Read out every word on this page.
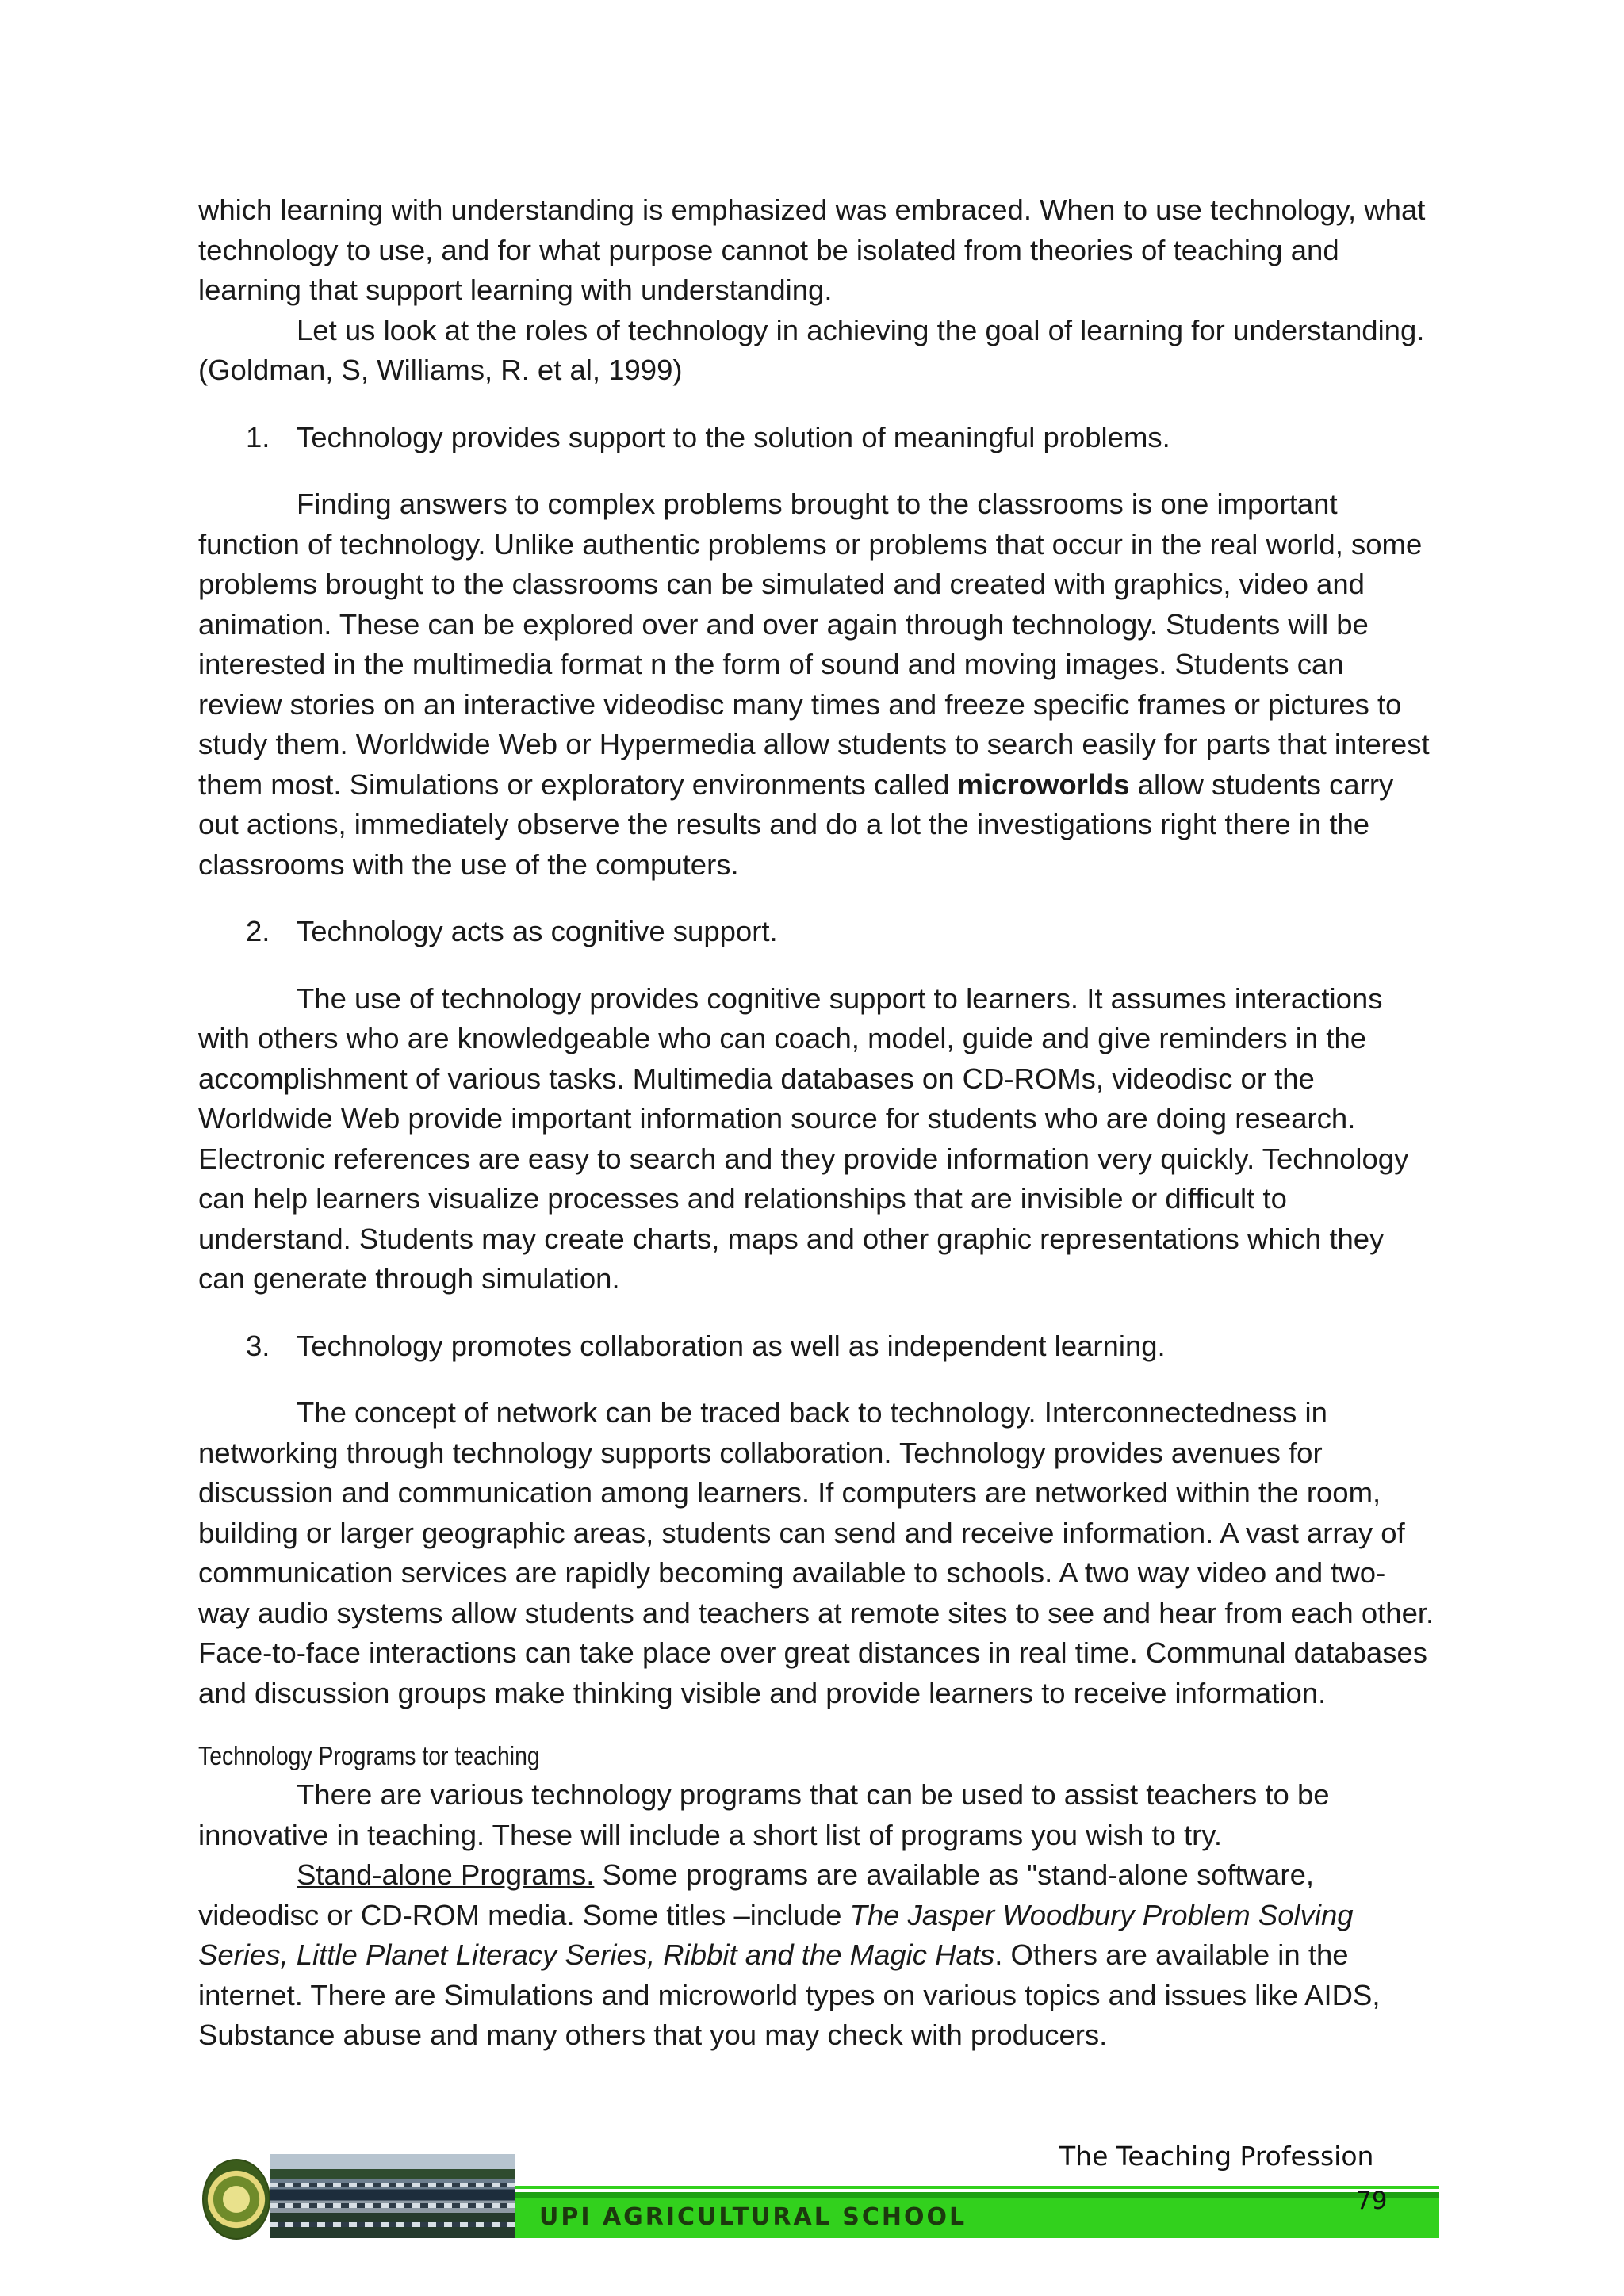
which learning with understanding is emphasized was embraced. When to use technology, what technology to use, and for what purpose cannot be isolated from theories of teaching and learning that support learning with understanding.

Let us look at the roles of technology in achieving the goal of learning for understanding. (Goldman, S, Williams, R. et al, 1999)

1. Technology provides support to the solution of meaningful problems.

Finding answers to complex problems brought to the classrooms is one important function of technology. Unlike authentic problems or problems that occur in the real world, some problems brought to the classrooms can be simulated and created with graphics, video and animation. These can be explored over and over again through technology. Students will be interested in the multimedia format n the form of sound and moving images. Students can review stories on an interactive videodisc many times and freeze specific frames or pictures to study them. Worldwide Web or Hypermedia allow students to search easily for parts that interest them most. Simulations or exploratory environments called microworlds allow students carry out actions, immediately observe the results and do a lot the investigations right there in the classrooms with the use of the computers.

2. Technology acts as cognitive support.

The use of technology provides cognitive support to learners. It assumes interactions with others who are knowledgeable who can coach, model, guide and give reminders in the accomplishment of various tasks. Multimedia databases on CD-ROMs, videodisc or the Worldwide Web provide important information source for students who are doing research. Electronic references are easy to search and they provide information very quickly. Technology can help learners visualize processes and relationships that are invisible or difficult to understand. Students may create charts, maps and other graphic representations which they can generate through simulation.

3. Technology promotes collaboration as well as independent learning.

The concept of network can be traced back to technology. Interconnectedness in networking through technology supports collaboration. Technology provides avenues for discussion and communication among learners. If computers are networked within the room, building or larger geographic areas, students can send and receive information. A vast array of communication services are rapidly becoming available to schools. A two way video and two-way audio systems allow students and teachers at remote sites to see and hear from each other. Face-to-face interactions can take place over great distances in real time. Communal databases and discussion groups make thinking visible and provide learners to receive information.

Technology Programs tor teaching

There are various technology programs that can be used to assist teachers to be innovative in teaching. These will include a short list of programs you wish to try.

Stand-alone Programs. Some programs are available as "stand-alone software, videodisc or CD-ROM media. Some titles –include The Jasper Woodbury Problem Solving Series, Little Planet Literacy Series, Ribbit and the Magic Hats. Others are available in the internet. There are Simulations and microworld types on various topics and issues like AIDS, Substance abuse and many others that you may check with producers.

The Teaching Profession
UPI AGRICULTURAL SCHOOL
79
